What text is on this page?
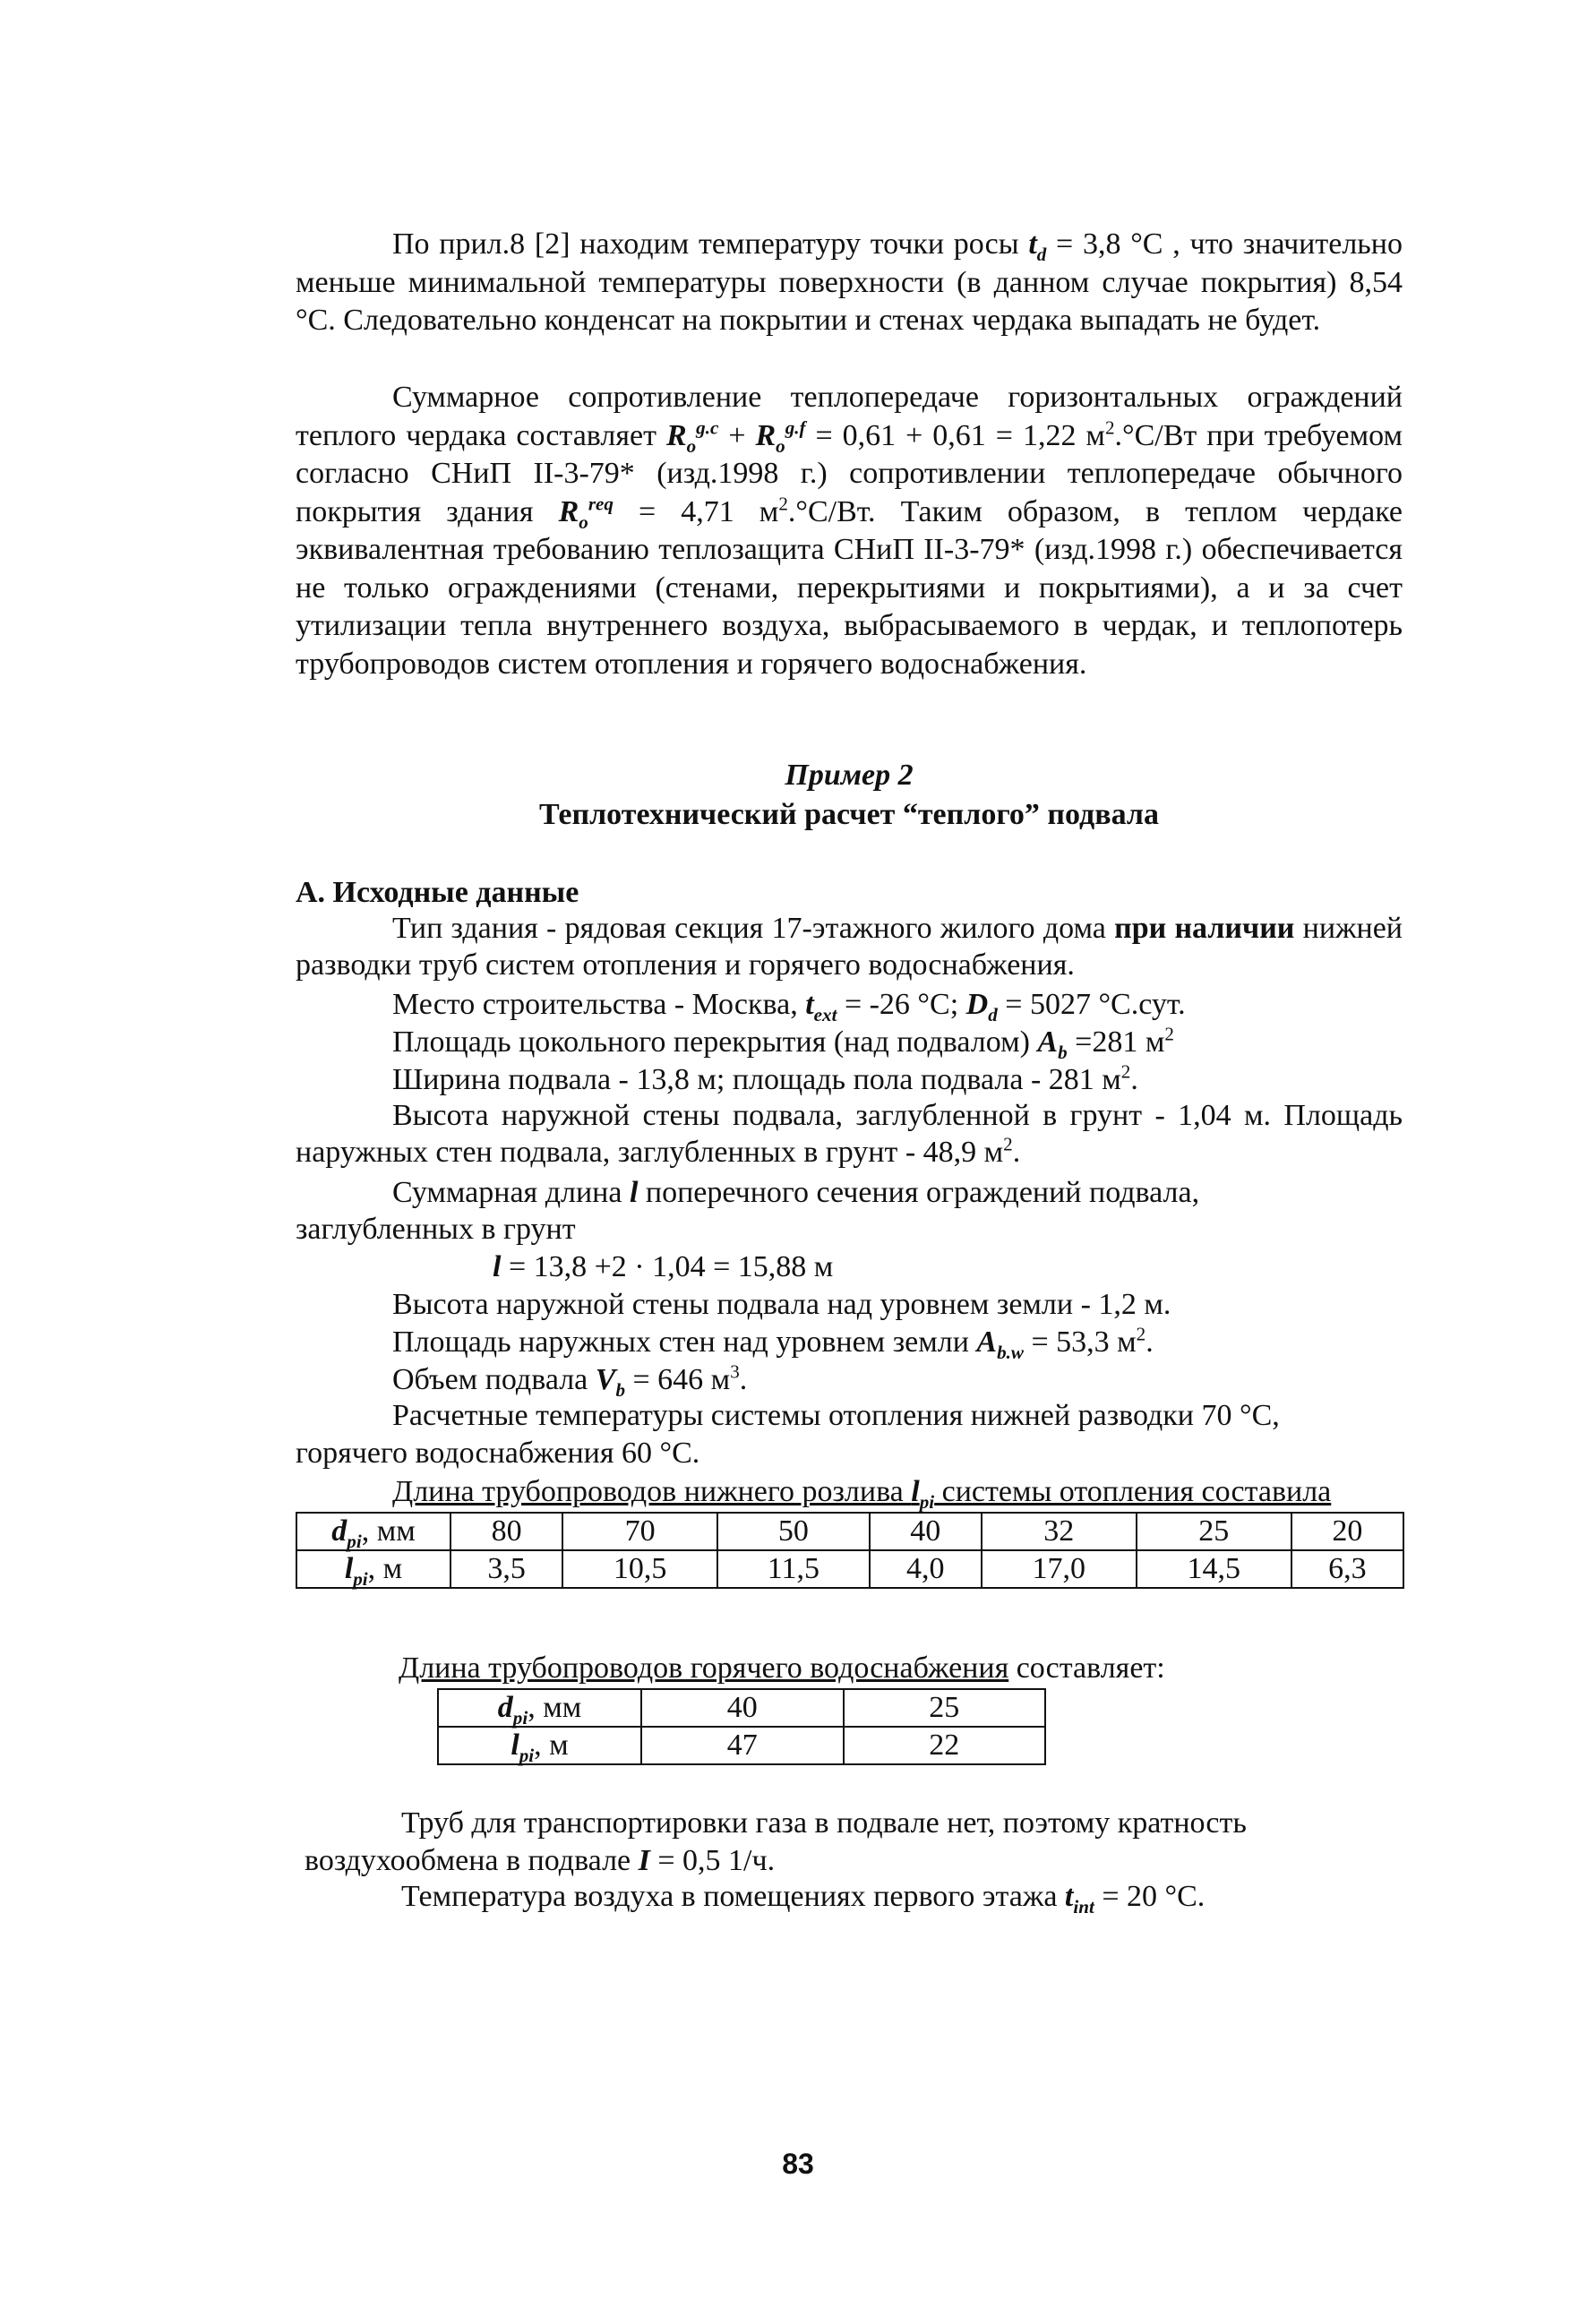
По прил.8 [2] находим температуру точки росы $t_d = 3,8$ °С , что значительно меньше минимальной температуры поверхности (в данном случае покрытия) 8,54 °С. Следовательно конденсат на покрытии и стенах чердака выпадать не будет.

Суммарное сопротивление теплопередаче горизонтальных ограждений теплого чердака составляет $R_o^{g.c} + R_o^{g.f} = 0,61 + 0,61 = 1,22$ $м^2.^\circ С/Вт$ при требуемом согласно СНиП II-3-79* (изд.1998 г.) сопротивлении теплопередаче обычного покрытия здания $R_o^{req} = 4,71$ $м^2.^\circ С/Вт$. Таким образом, в теплом чердаке эквивалентная требованию теплозащита СНиП II-3-79* (изд.1998 г.) обеспечивается не только ограждениями (стенами, перекрытиями и покрытиями), а и за счет утилизации тепла внутреннего воздуха, выбрасываемого в чердак, и теплопотерь трубопроводов систем отопления и горячего водоснабжения.

Пример 2
Теплотехнический расчет “теплого” подвала
А. Исходные данные

Тип здания - рядовая секция 17-этажного жилого дома при наличии нижней разводки труб систем отопления и горячего водоснабжения.

Место строительства - Москва, $t_{ext} = -26$ °С; $D_d = 5027$ °С.сут.
Площадь цокольного перекрытия (над подвалом) $A_b =281$ $м^2$
Ширина подвала - 13,8 м; площадь пола подвала - 281 $м^2$.

Высота наружной стены подвала, заглубленной в грунт - 1,04 м. Площадь наружных стен подвала, заглубленных в грунт - 48,9 $м^2$.

Суммарная длина l поперечного сечения ограждений подвала, заглубленных в грунт

l = 13,8 +2 · 1,04 = 15,88 м
Высота наружной стены подвала над уровнем земли - 1,2 м.
Площадь наружных стен над уровнем земли $A_{b.w} = 53,3$ $м^2$.
Объем подвала $V_b = 646$ $м^3$.

Расчетные температуры системы отопления нижней разводки 70 °С, горячего водоснабжения 60 °С.

Длина трубопроводов нижнего розлива $l_{pi}$ системы отопления составила
$d_{pi}$, мм	80	70	50	40	32	25	20
$l_{pi}$, м	3,5	10,5	11,5	4,0	17,0	14,5	6,3
Длина трубопроводов горячего водоснабжения составляет:
$d_{pi}$, мм	40	25
$l_{pi}$, м	47	22

Труб для транспортировки газа в подвале нет, поэтому кратность воздухообмена в подвале I = 0,5 1/ч.

Температура воздуха в помещениях первого этажа $t_{int} = 20$ °С.
83
